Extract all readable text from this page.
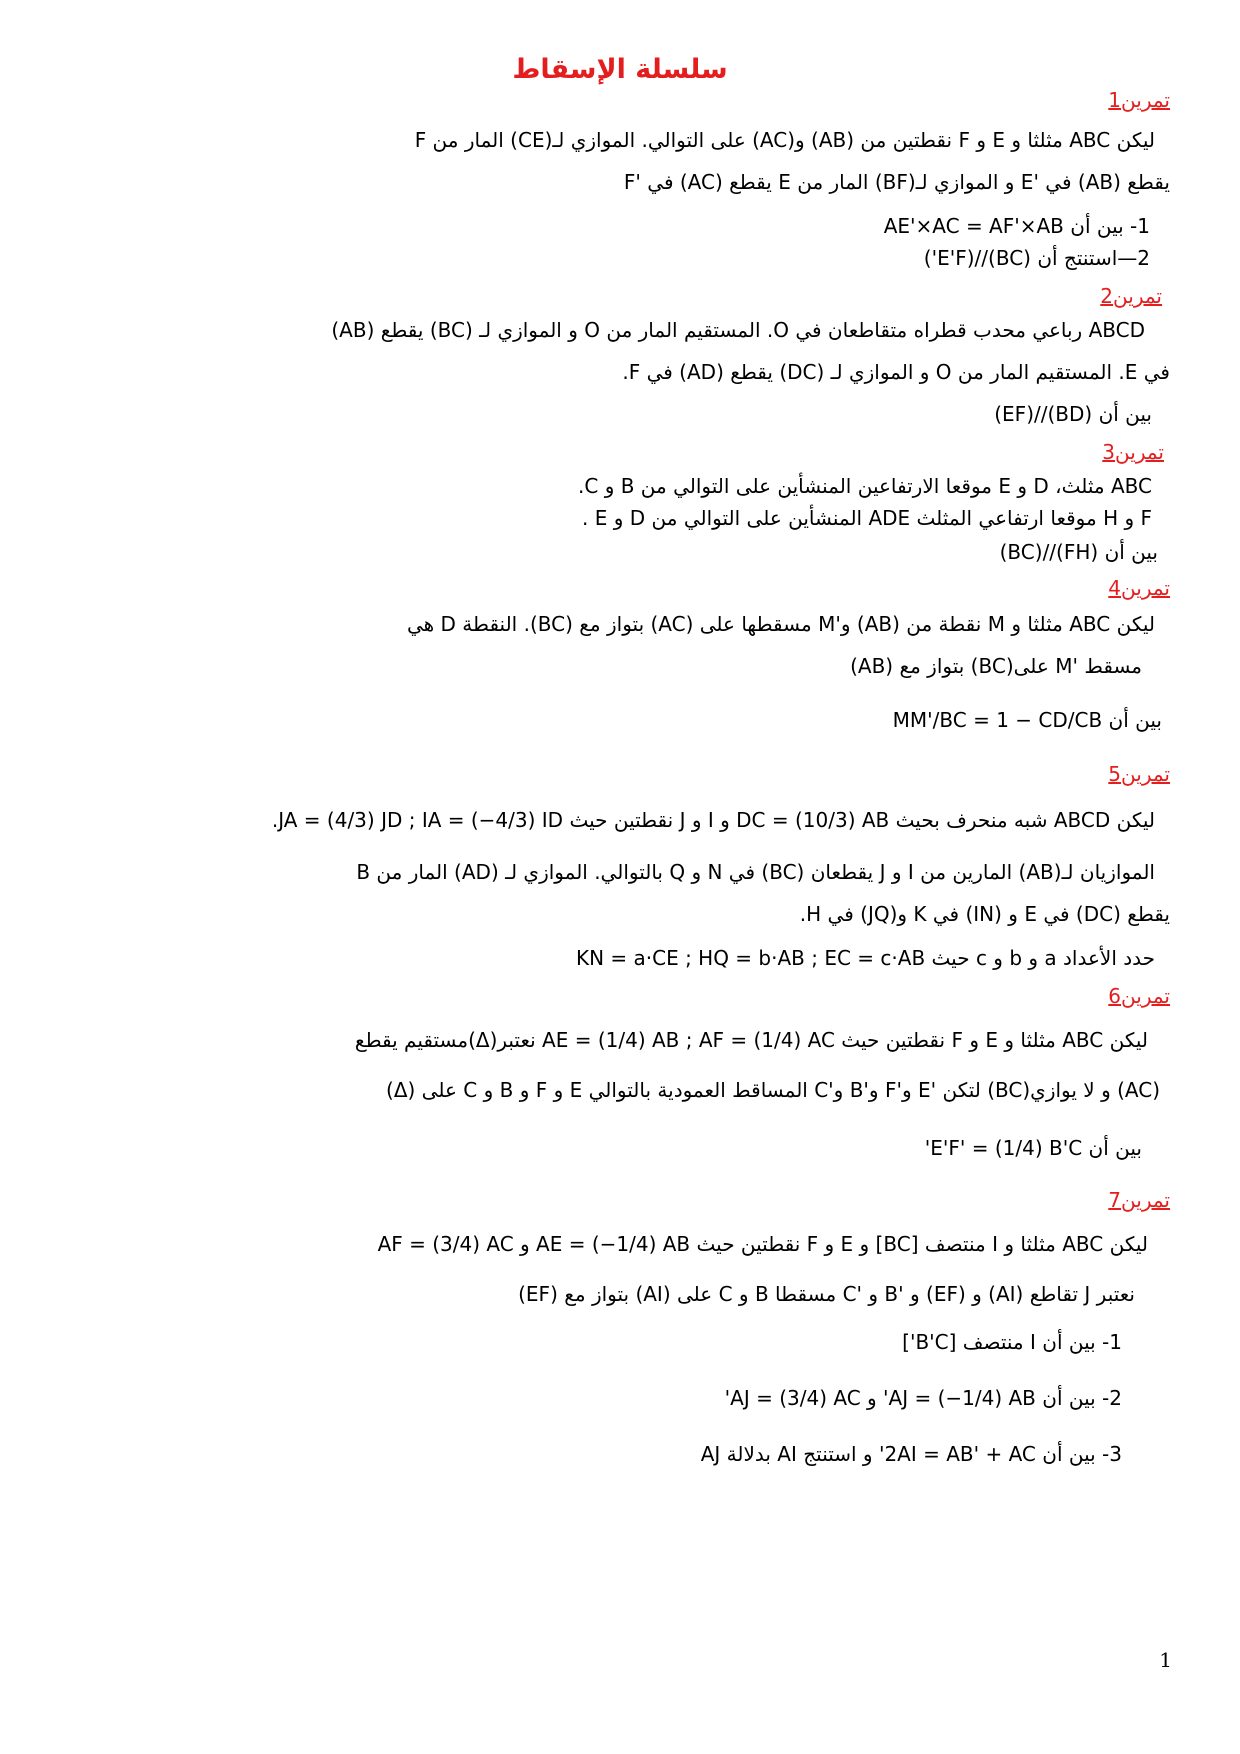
سلسلة الإسقاط
تمرين1
ليكن ABC مثلثا و E و F نقطتين من (AB) و(AC) على التوالي. الموازي لـ(CE) المار من F
يقطع (AB) في 'E و الموازي لـ(BF) المار من E يقطع (AC) في 'F
1- بين أن AE'×AC = AF'×AB
2—استنتج أن (BC)//(E'F')
تمرين2
ABCD رباعي محدب قطراه متقاطعان في O. المستقيم المار من O و الموازي لـ (BC) يقطع (AB)
في E. المستقيم المار من O و الموازي لـ (DC) يقطع (AD) في F.
بين أن (BD)//(EF)
تمرين3
ABC مثلث، D و E موقعا الارتفاعين المنشأين على التوالي من B و C.
F و H موقعا ارتفاعي المثلث ADE المنشأين على التوالي من D و E .
بين أن (FH)//(BC)
تمرين4
ليكن ABC مثلثا و M نقطة من (AB) و'M مسقطها على (AC) بتواز مع (BC). النقطة D هي
مسقط 'M على(BC) بتواز مع (AB)
بين أن MM'/BC = 1 − CD/CB
تمرين5
ليكن ABCD شبه منحرف بحيث DC = (10/3) AB و I و J نقطتين حيث JA = (4/3) JD ; IA = (−4/3) ID.
الموازيان لـ(AB) المارين من I و J يقطعان (BC) في N و Q بالتوالي. الموازي لـ (AD) المار من B
يقطع (DC) في E و (IN) في K و(JQ) في H.
حدد الأعداد a و b و c حيث KN = a·CE ; HQ = b·AB ; EC = c·AB
تمرين6
ليكن ABC مثلثا و E و F نقطتين حيث AE = (1/4) AB ; AF = (1/4) AC نعتبر(Δ)مستقيم يقطع
(AC) و لا يوازي(BC) لتكن 'E و'F و'B و'C المساقط العمودية بالتوالي E و F و B و C على (Δ)
بين أن E'F' = (1/4) B'C'
تمرين7
ليكن ABC مثلثا و I منتصف [BC] و E و F نقطتين حيث AE = (−1/4) AB و AF = (3/4) AC
نعتبر J تقاطع (AI) و (EF) و 'B و 'C مسقطا B و C على (AI) بتواز مع (EF)
1- بين أن I منتصف [B'C']
2- بين أن AJ = (−1/4) AB' و AJ = (3/4) AC'
3- بين أن 2AI = AB' + AC' و استنتج AI بدلالة AJ
1
